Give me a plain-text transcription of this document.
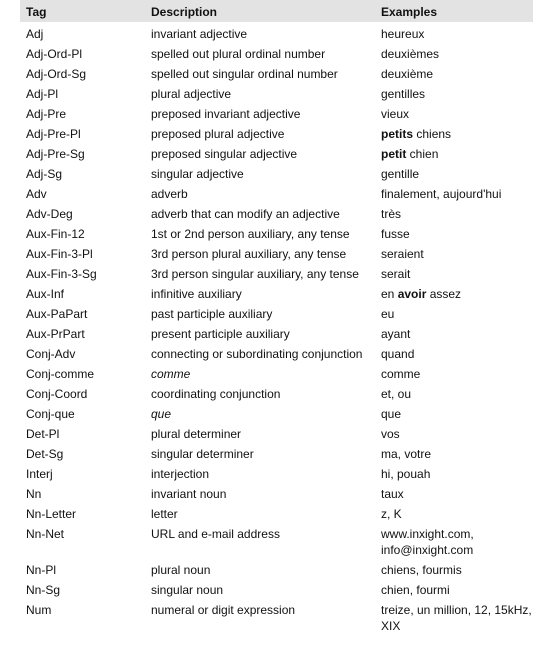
Tag	Description	Examples
Adj	invariant adjective	heureux
Adj-Ord-Pl	spelled out plural ordinal number	deuxièmes
Adj-Ord-Sg	spelled out singular ordinal number	deuxième
Adj-Pl	plural adjective	gentilles
Adj-Pre	preposed invariant adjective	vieux
Adj-Pre-Pl	preposed plural adjective	petits chiens
Adj-Pre-Sg	preposed singular adjective	petit chien
Adj-Sg	singular adjective	gentille
Adv	adverb	finalement, aujourd'hui
Adv-Deg	adverb that can modify an adjective	très
Aux-Fin-12	1st or 2nd person auxiliary, any tense	fusse
Aux-Fin-3-Pl	3rd person plural auxiliary, any tense	seraient
Aux-Fin-3-Sg	3rd person singular auxiliary, any tense	serait
Aux-Inf	infinitive auxiliary	en avoir assez
Aux-PaPart	past participle auxiliary	eu
Aux-PrPart	present participle auxiliary	ayant
Conj-Adv	connecting or subordinating conjunction	quand
Conj-comme	comme	comme
Conj-Coord	coordinating conjunction	et, ou
Conj-que	que	que
Det-Pl	plural determiner	vos
Det-Sg	singular determiner	ma, votre
Interj	interjection	hi, pouah
Nn	invariant noun	taux
Nn-Letter	letter	z, K
Nn-Net	URL and e-mail address	www.inxight.com, info@inxight.com
Nn-Pl	plural noun	chiens, fourmis
Nn-Sg	singular noun	chien, fourmi
Num	numeral or digit expression	treize, un million, 12, 15kHz, XIX
